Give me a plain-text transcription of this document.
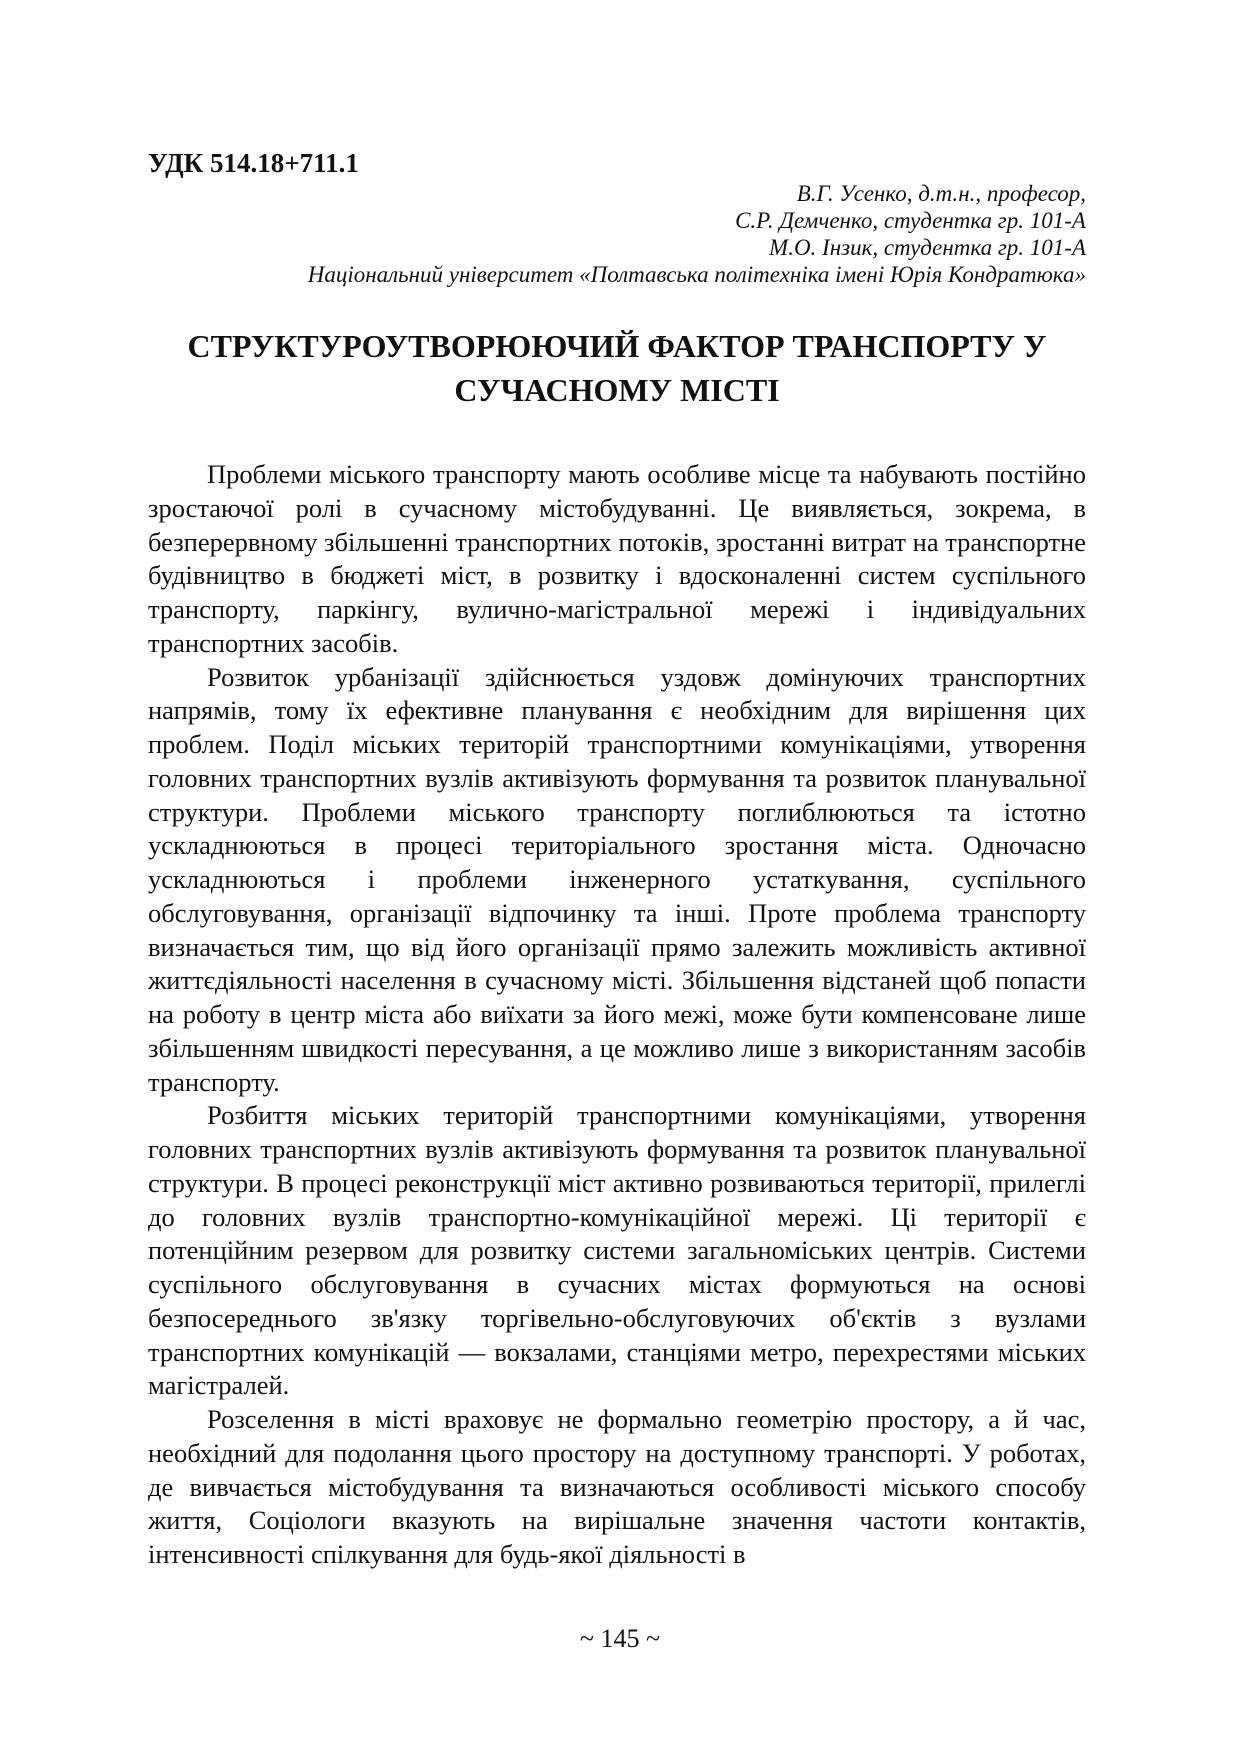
УДК 514.18+711.1
В.Г. Усенко, д.т.н., професор,
С.Р. Демченко, студентка гр. 101-А
М.О. Інзик, студентка гр. 101-А
Національний університет «Полтавська політехніка імені Юрія Кондратюка»
СТРУКТУРОУТВОРЮЮЧИЙ ФАКТОР ТРАНСПОРТУ У
СУЧАСНОМУ МІСТІ

Проблеми міського транспорту мають особливе місце та набувають постійно зростаючої ролі в сучасному містобудуванні. Це виявляється, зокрема, в безперервному збільшенні транспортних потоків, зростанні витрат на транспортне будівництво в бюджеті міст, в розвитку і вдосконаленні систем суспільного транспорту, паркінгу, вулично-магістральної мережі і індивідуальних транспортних засобів.

Розвиток урбанізації здійснюється уздовж домінуючих транспортних напрямів, тому їх ефективне планування є необхідним для вирішення цих проблем. Поділ міських територій транспортними комунікаціями, утворення головних транспортних вузлів активізують формування та розвиток планувальної структури. Проблеми міського транспорту поглиблюються та істотно ускладнюються в процесі територіального зростання міста. Одночасно ускладнюються і проблеми інженерного устаткування, суспільного обслуговування, організації відпочинку та інші. Проте проблема транспорту визначається тим, що від його організації прямо залежить можливість активної життєдіяльності населення в сучасному місті. Збільшення відстаней щоб попасти на роботу в центр міста або виїхати за його межі, може бути компенсоване лише збільшенням швидкості пересування, а це можливо лише з використанням засобів транспорту.

Розбиття міських територій транспортними комунікаціями, утворення головних транспортних вузлів активізують формування та розвиток планувальної структури. В процесі реконструкції міст активно розвиваються території, прилеглі до головних вузлів транспортно-комунікаційної мережі. Ці території є потенційним резервом для розвитку системи загальноміських центрів. Системи суспільного обслуговування в сучасних містах формуються на основі безпосереднього зв'язку торгівельно-обслуговуючих об'єктів з вузлами транспортних комунікацій — вокзалами, станціями метро, перехрестями міських магістралей.

Розселення в місті враховує не формально геометрію простору, а й час, необхідний для подолання цього простору на доступному транспорті. У роботах, де вивчається містобудування та визначаються особливості міського способу життя, Соціологи вказують на вирішальне значення частоти контактів, інтенсивності спілкування для будь-якої діяльності в

~ 145 ~
